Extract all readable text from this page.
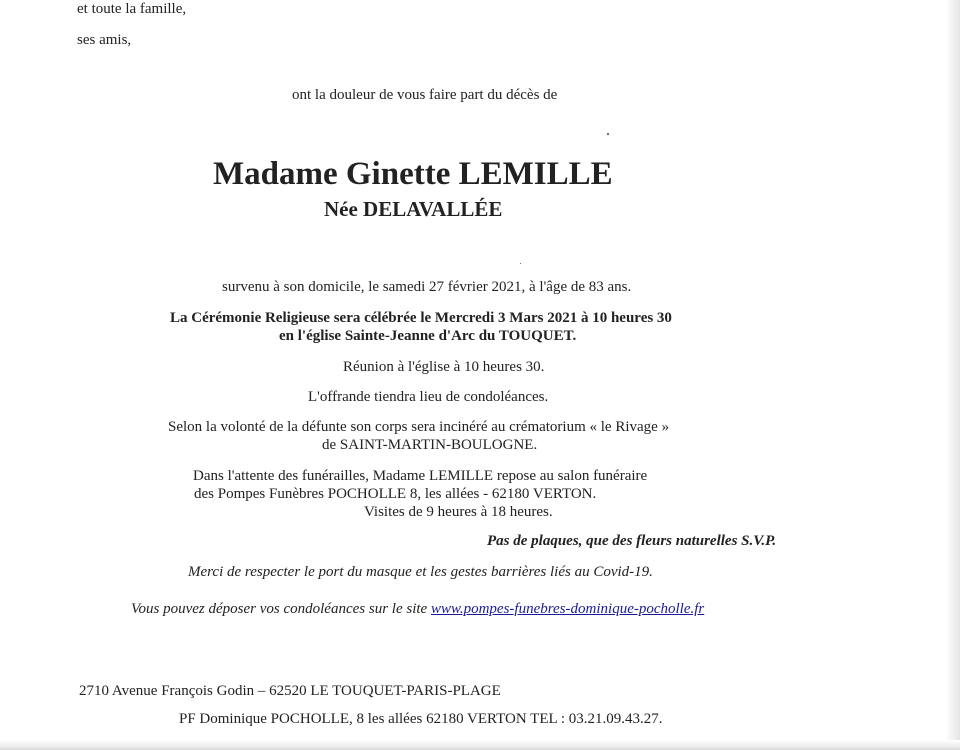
et toute la famille,
ses amis,
ont la douleur de vous faire part du décès de
Madame Ginette LEMILLE
Née DELAVALLÉE
survenu à son domicile, le samedi 27 février 2021, à l'âge de 83 ans.
La Cérémonie Religieuse sera célébrée le Mercredi 3 Mars 2021 à 10 heures 30
en l'église Sainte-Jeanne d'Arc du TOUQUET.
Réunion à l'église à 10 heures 30.
L'offrande tiendra lieu de condoléances.
Selon la volonté de la défunte son corps sera incinéré au crématorium « le Rivage »
de SAINT-MARTIN-BOULOGNE.
Dans l'attente des funérailles, Madame LEMILLE repose au salon funéraire
des Pompes Funèbres POCHOLLE 8, les allées - 62180 VERTON.
Visites de 9 heures à 18 heures.
Pas de plaques, que des fleurs naturelles S.V.P.
Merci de respecter le port du masque et les gestes barrières liés au Covid-19.
Vous pouvez déposer vos condoléances sur le site www.pompes-funebres-dominique-pocholle.fr
2710 Avenue François Godin – 62520 LE TOUQUET-PARIS-PLAGE
PF Dominique POCHOLLE, 8 les allées 62180 VERTON TEL : 03.21.09.43.27.
